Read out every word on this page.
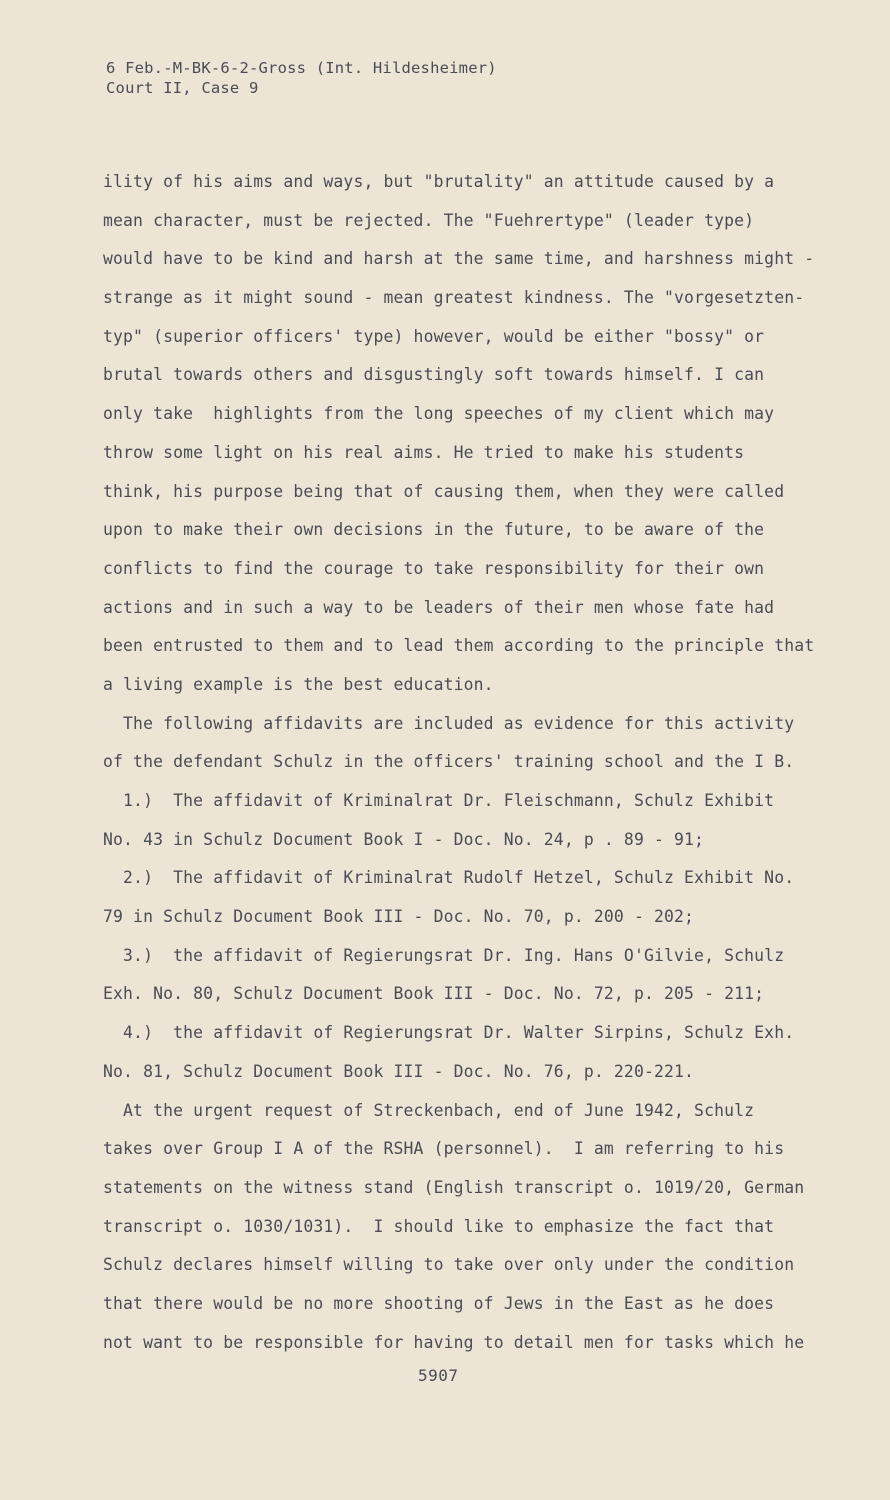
6 Feb.-M-BK-6-2-Gross (Int. Hildesheimer)
Court II, Case 9
ility of his aims and ways, but "brutality" an attitude caused by a
mean character, must be rejected. The "Fuehrertype" (leader type)
would have to be kind and harsh at the same time, and harshness might -
strange as it might sound - mean greatest kindness. The "vorgesetzten-
typ" (superior officers' type) however, would be either "bossy" or
brutal towards others and disgustingly soft towards himself. I can
only take  highlights from the long speeches of my client which may
throw some light on his real aims. He tried to make his students
think, his purpose being that of causing them, when they were called
upon to make their own decisions in the future, to be aware of the
conflicts to find the courage to take responsibility for their own
actions and in such a way to be leaders of their men whose fate had
been entrusted to them and to lead them according to the principle that
a living example is the best education.
The following affidavits are included as evidence for this activity
of the defendant Schulz in the officers' training school and the I B.
1.)  The affidavit of Kriminalrat Dr. Fleischmann, Schulz Exhibit
No. 43 in Schulz Document Book I - Doc. No. 24, p . 89 - 91;
2.)  The affidavit of Kriminalrat Rudolf Hetzel, Schulz Exhibit No.
79 in Schulz Document Book III - Doc. No. 70, p. 200 - 202;
3.)  the affidavit of Regierungsrat Dr. Ing. Hans O'Gilvie, Schulz
Exh. No. 80, Schulz Document Book III - Doc. No. 72, p. 205 - 211;
4.)  the affidavit of Regierungsrat Dr. Walter Sirpins, Schulz Exh.
No. 81, Schulz Document Book III - Doc. No. 76, p. 220-221.
At the urgent request of Streckenbach, end of June 1942, Schulz
takes over Group I A of the RSHA (personnel).  I am referring to his
statements on the witness stand (English transcript o. 1019/20, German
transcript o. 1030/1031).  I should like to emphasize the fact that
Schulz declares himself willing to take over only under the condition
that there would be no more shooting of Jews in the East as he does
not want to be responsible for having to detail men for tasks which he
5907
